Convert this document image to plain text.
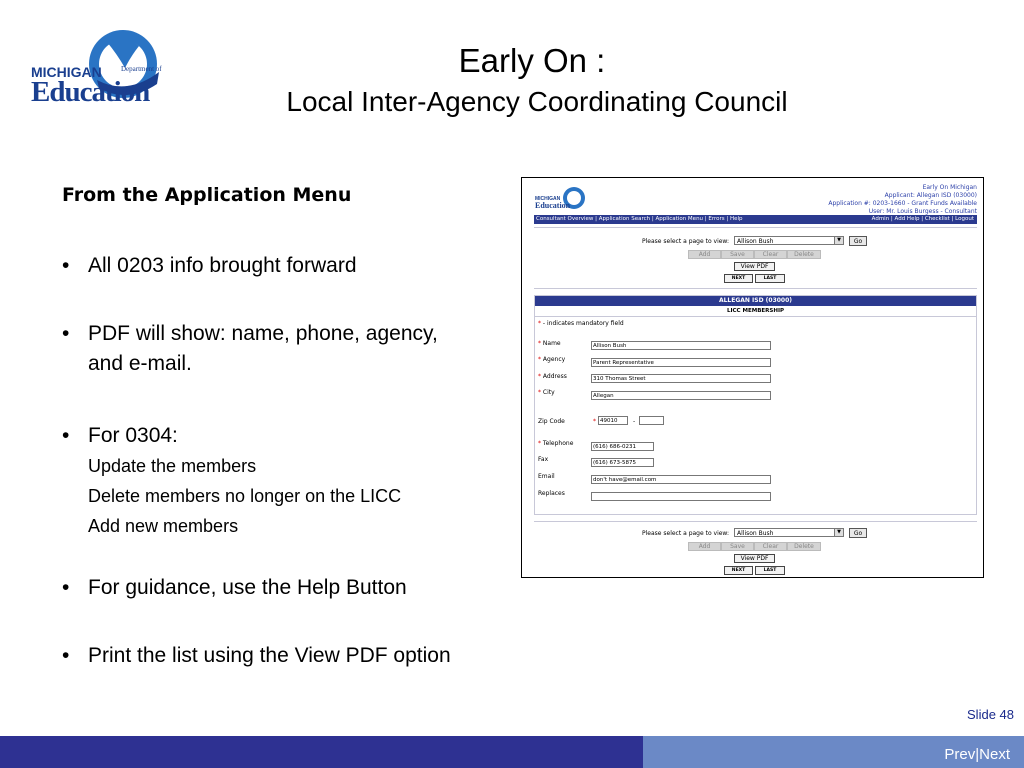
MICHIGAN	Department of
Education
Early On :
Local Inter-Agency Coordinating Council
From the Application Menu
• All 0203 info brought forward
• PDF will show: name, phone, agency,
and e-mail.
• For 0304:
Update the members
Delete members no longer on the LICC
Add new members
• For guidance, use the Help Button
• Print the list using the View PDF option
MICHIGAN
Education
Early On Michigan
Applicant: Allegan ISD (03000)
Application #: 0203-1660 - Grant Funds Available
User: Mr. Louis Burgess - Consultant
Consultant Overview | Application Search | Application Menu | Errors | Help	Admin | Add Help | Checklist | Logout
Please select a page to view:	Allison Bush	▼	Go
Add	Save	Clear	Delete
View PDF
NEXT	LAST
ALLEGAN ISD (03000)
LICC MEMBERSHIP
* - indicates mandatory field
* Name	Allison Bush
* Agency	Parent Representative
* Address	310 Thomas Street
* City	Allegan
Zip Code	* 49010	-
* Telephone	(616) 686-0231
Fax	(616) 673-5875
Email	don't have@email.com
Replaces
Please select a page to view:	Allison Bush	▼	Go
Add	Save	Clear	Delete
View PDF
NEXT	LAST
Slide 48
Prev|Next
